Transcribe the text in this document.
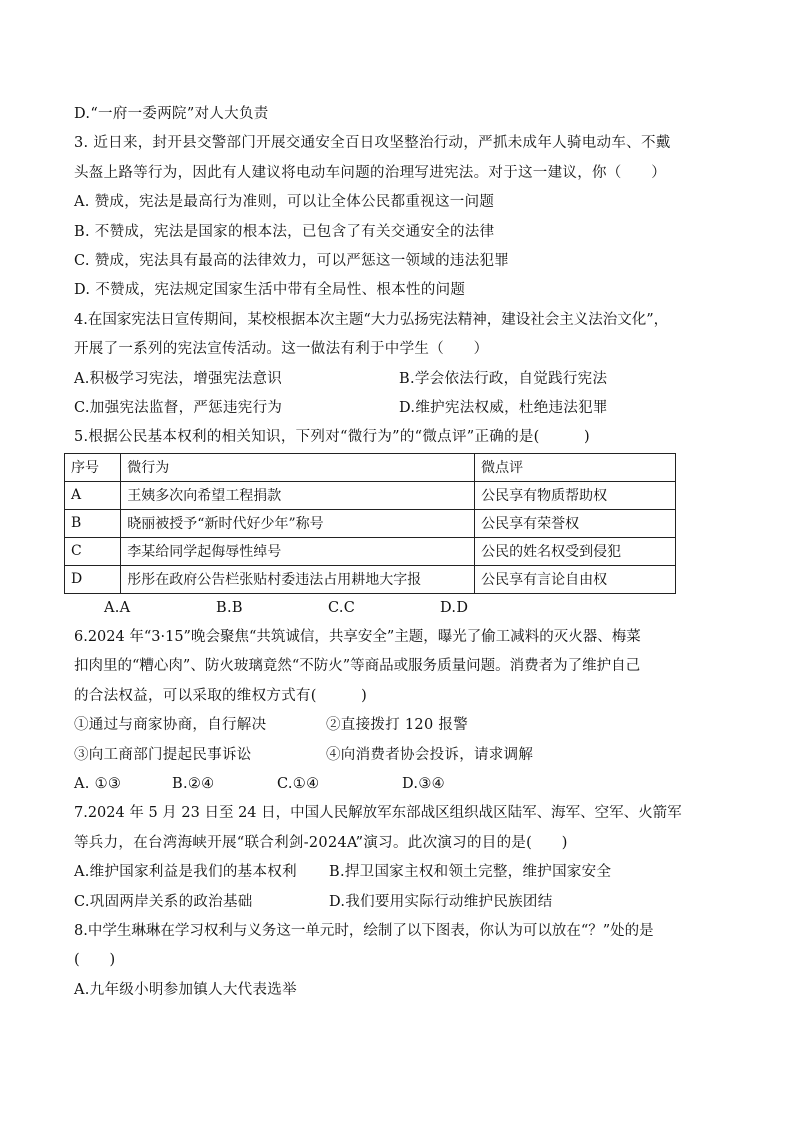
D.“一府一委两院”对人大负责
3. 近日来，封开县交警部门开展交通安全百日攻坚整治行动，严抓未成年人骑电动车、不戴
头盔上路等行为，因此有人建议将电动车问题的治理写进宪法。对于这一建议，你（　　）
A. 赞成，宪法是最高行为准则，可以让全体公民都重视这一问题
B. 不赞成，宪法是国家的根本法，已包含了有关交通安全的法律
C. 赞成，宪法具有最高的法律效力，可以严惩这一领域的违法犯罪
D. 不赞成，宪法规定国家生活中带有全局性、根本性的问题
4.在国家宪法日宣传期间，某校根据本次主题“大力弘扬宪法精神，建设社会主义法治文化”，
开展了一系列的宪法宣传活动。这一做法有利于中学生（　　）
A.积极学习宪法，增强宪法意识	B.学会依法行政，自觉践行宪法
C.加强宪法监督，严惩违宪行为	D.维护宪法权威，杜绝违法犯罪
5.根据公民基本权利的相关知识，下列对“微行为”的“微点评”正确的是(　　　)
序号	微行为	微点评
A	王姨多次向希望工程捐款	公民享有物质帮助权
B	晓丽被授予“新时代好少年”称号	公民享有荣誉权
C	李某给同学起侮辱性绰号	公民的姓名权受到侵犯
D	彤彤在政府公告栏张贴村委违法占用耕地大字报	公民享有言论自由权
A.A	B.B	C.C	D.D
6.2024 年“3·15”晚会聚焦“共筑诚信，共享安全”主题，曝光了偷工减料的灭火器、梅菜
扣肉里的“糟心肉”、防火玻璃竟然“不防火”等商品或服务质量问题。消费者为了维护自己
的合法权益，可以采取的维权方式有(　　　)
①通过与商家协商，自行解决	②直接拨打 120 报警
③向工商部门提起民事诉讼	④向消费者协会投诉，请求调解
A. ①③	B.②④	C.①④	D.③④
7.2024 年 5 月 23 日至 24 日，中国人民解放军东部战区组织战区陆军、海军、空军、火箭军
等兵力，在台湾海峡开展“联合利剑-2024A”演习。此次演习的目的是(　　)
A.维护国家利益是我们的基本权利	B.捍卫国家主权和领土完整，维护国家安全
C.巩固两岸关系的政治基础	D.我们要用实际行动维护民族团结
8.中学生琳琳在学习权利与义务这一单元时，绘制了以下图表，你认为可以放在“？”处的是
(　　)
A.九年级小明参加镇人大代表选举
